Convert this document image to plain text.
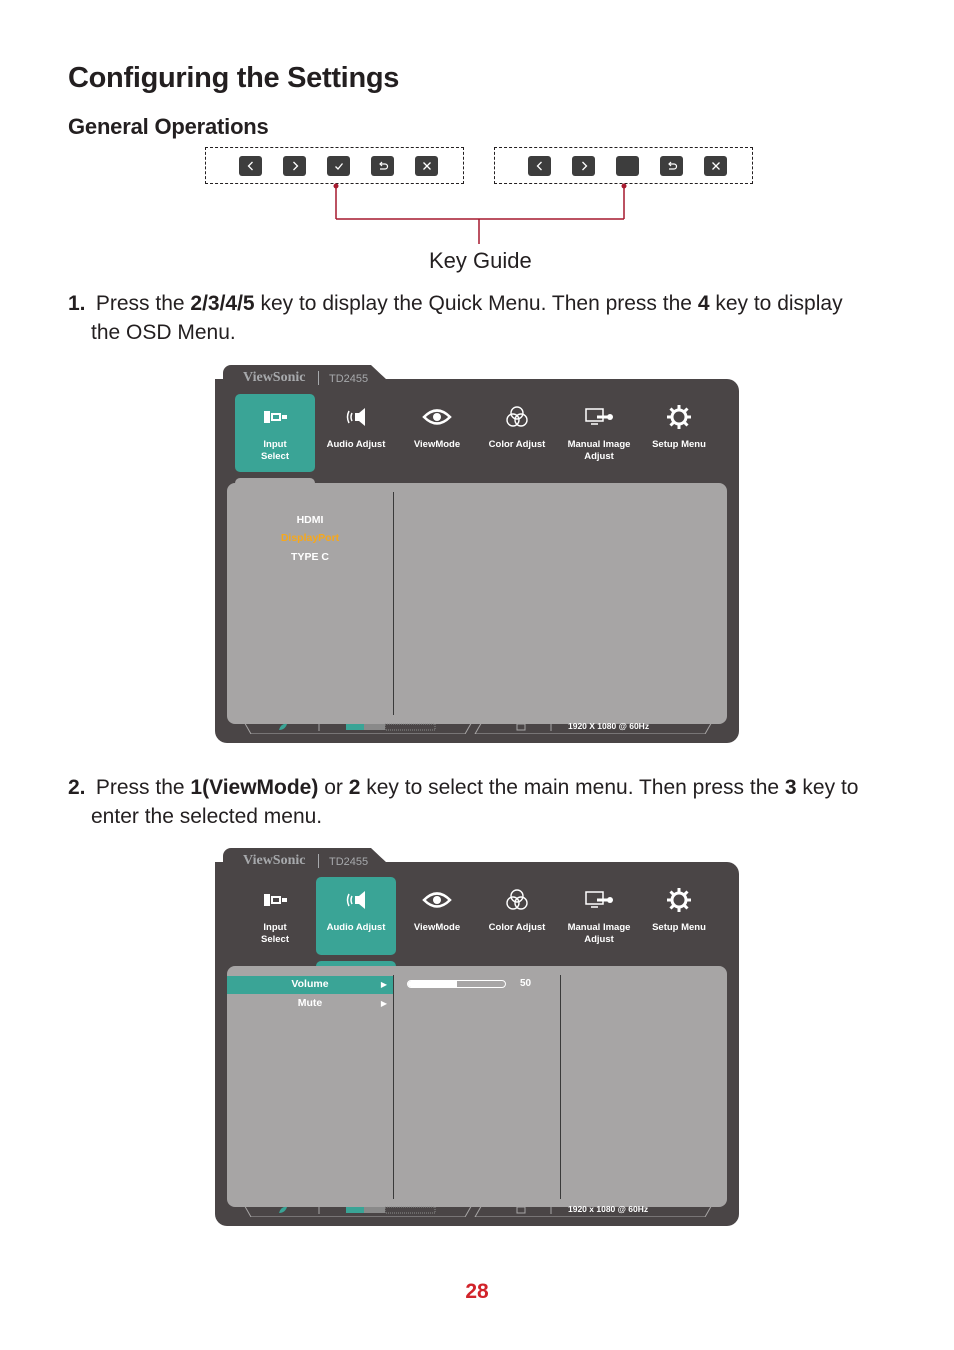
Configuring the Settings
General Operations
Key Guide
1. Press the 2/3/4/5 key to display the Quick Menu. Then press the 4 key to display
the OSD Menu.
ViewSonic TD2455
Input
Select
Audio Adjust	ViewMode	Color Adjust	Manual Image
Adjust
Setup Menu
HDMI
DisplayPort
TYPE C
1920 X 1080 @ 60Hz
2. Press the 1(ViewMode) or 2 key to select the main menu. Then press the 3 key to
enter the selected menu.
ViewSonic TD2455
Input
Select
Audio Adjust	ViewMode	Color Adjust	Manual Image
Adjust
Setup Menu
Volume	▶
Mute	▶
50
1920 x 1080 @ 60Hz
28
